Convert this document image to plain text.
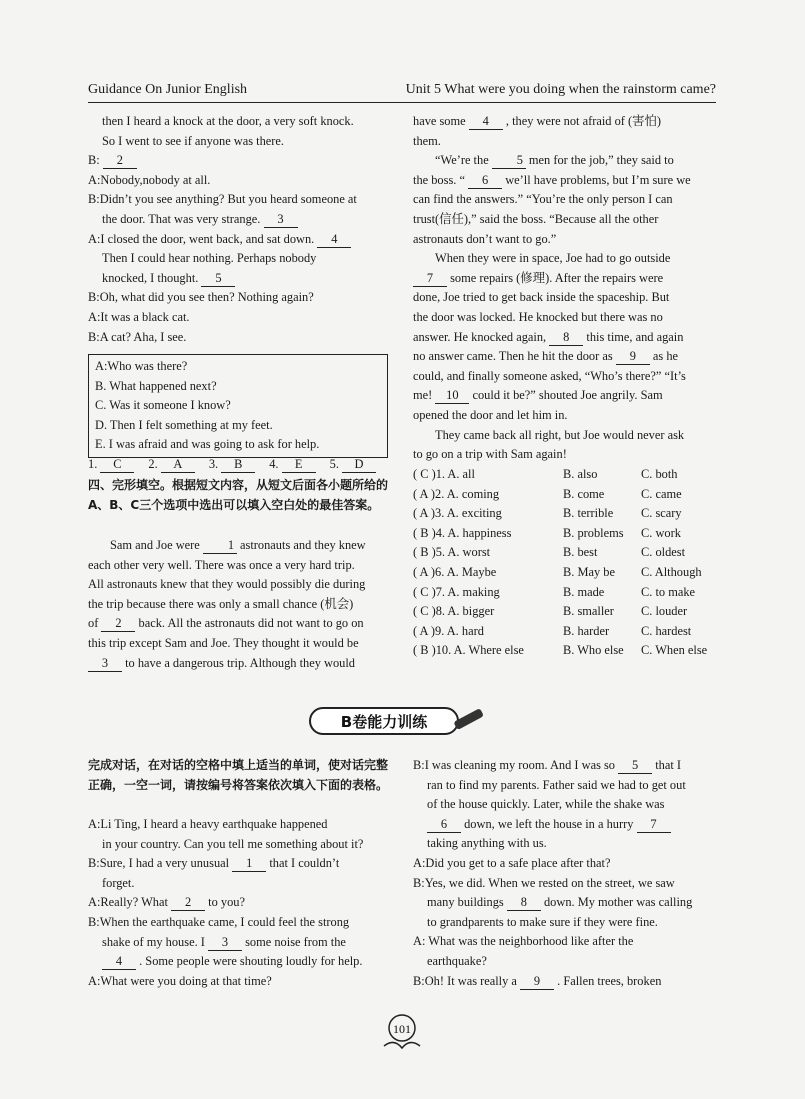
Guidance On Junior English	Unit 5 What were you doing when the rainstorm came?

then I heard a knock at the door, a very soft knock.

So I went to see if anyone was there.

B: 2

A:Nobody,nobody at all.

B:Didn’t you see anything? But you heard someone at

the door. That was very strange. 3

A:I closed the door, went back, and sat down. 4

Then I could hear nothing. Perhaps nobody

knocked, I thought. 5

B:Oh, what did you see then? Nothing again?

A:It was a black cat.

B:A cat? Aha, I see.

A:Who was there?

B. What happened next?

C. Was it someone I know?

D. Then I felt something at my feet.

E. I was afraid and was going to ask for help.

1. C	2. A	3. B	4. E	5. D
四、完形填空。根据短文内容，从短文后面各小题所给的A、B、C三个选项中选出可以填入空白处的最佳答案。

Sam and Joe were 1 astronauts and they knew

each other very well. There was once a very hard trip.

All astronauts knew that they would possibly die during

the trip because there was only a small chance (机会)

of 2 back. All the astronauts did not want to go on

this trip except Sam and Joe. They thought it would be

3 to have a dangerous trip. Although they would

have some 4 , they were not afraid of (害怕)

them.

“We’re the 5 men for the job,” they said to

the boss. “ 6 we’ll have problems, but I’m sure we

can find the answers.” “You’re the only person I can

trust(信任),” said the boss. “Because all the other

astronauts don’t want to go.”

When they were in space, Joe had to go outside

7 some repairs (修理). After the repairs were

done, Joe tried to get back inside the spaceship. But

the door was locked. He knocked but there was no

answer. He knocked again, 8 this time, and again

no answer came. Then he hit the door as 9 as he

could, and finally someone asked, “Who’s there?” “It’s

me! 10 could it be?” shouted Joe angrily. Sam

opened the door and let him in.

They came back all right, but Joe would never ask

to go on a trip with Sam again!

( C )1. A. all	B. also	C. both
( A )2. A. coming	B. come	C. came
( A )3. A. exciting	B. terrible	C. scary
( B )4. A. happiness	B. problems	C. work
( B )5. A. worst	B. best	C. oldest
( A )6. A. Maybe	B. May be	C. Although
( C )7. A. making	B. made	C. to make
( C )8. A. bigger	B. smaller	C. louder
( A )9. A. hard	B. harder	C. hardest
( B )10. A. Where else	B. Who else	C. When else
B卷能力训练
完成对话，在对话的空格中填上适当的单词，使对话完整正确，一空一词，请按编号将答案依次填入下面的表格。

A:Li Ting, I heard a heavy earthquake happened

in your country. Can you tell me something about it?

B:Sure, I had a very unusual 1 that I couldn’t

forget.

A:Really? What 2 to you?

B:When the earthquake came, I could feel the strong

shake of my house. I 3 some noise from the

4 . Some people were shouting loudly for help.

A:What were you doing at that time?

B:I was cleaning my room. And I was so 5 that I

ran to find my parents. Father said we had to get out

of the house quickly. Later, while the shake was

6 down, we left the house in a hurry 7

taking anything with us.

A:Did you get to a safe place after that?

B:Yes, we did. When we rested on the street, we saw

many buildings 8 down. My mother was calling

to grandparents to make sure if they were fine.

A: What was the neighborhood like after the

earthquake?

B:Oh! It was really a 9 . Fallen trees, broken

101
